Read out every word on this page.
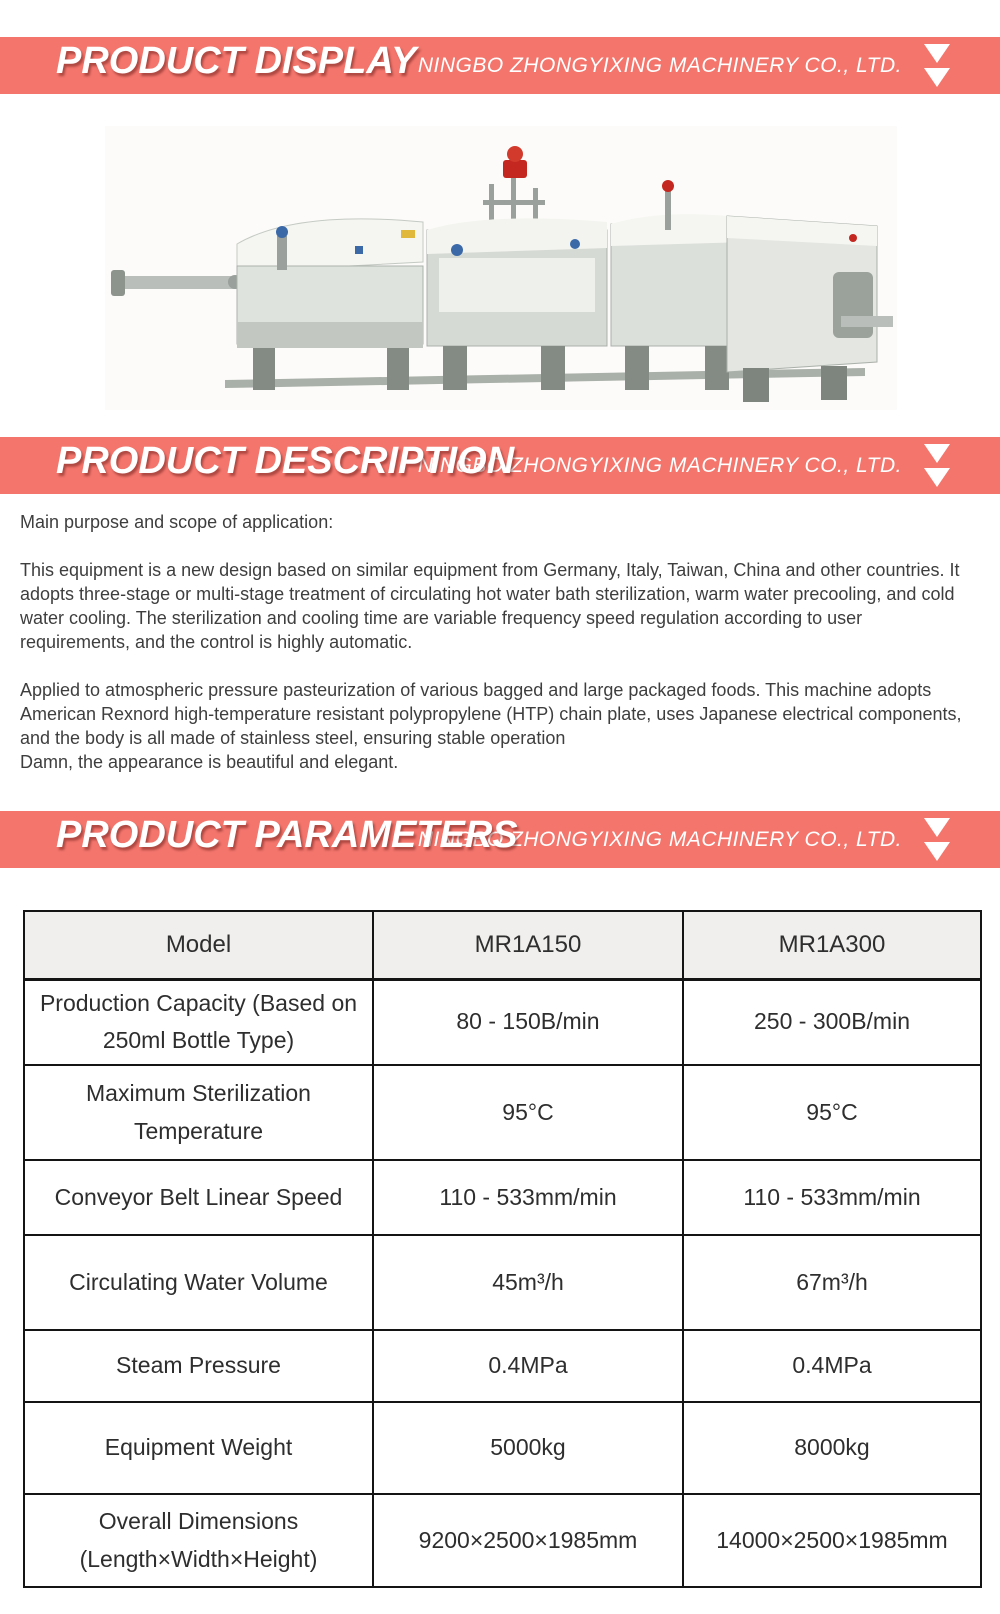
NINGBO ZHONGYIXING MACHINERY CO., LTD.
PRODUCT DISPLAY
NINGBO ZHONGYIXING MACHINERY CO., LTD.
PRODUCT DESCRIPTION

Main purpose and scope of application:

This equipment is a new design based on similar equipment from Germany, Italy, Taiwan, China and other countries. It adopts three-stage or multi-stage treatment of circulating hot water bath sterilization, warm water precooling, and cold water cooling. The sterilization and cooling time are variable frequency speed regulation according to user requirements, and the control is highly automatic.

Applied to atmospheric pressure pasteurization of various bagged and large packaged foods. This machine adopts American Rexnord high-temperature resistant polypropylene (HTP) chain plate, uses Japanese electrical components, and the body is all made of stainless steel, ensuring stable operation
Damn, the appearance is beautiful and elegant.

NINGBO ZHONGYIXING MACHINERY CO., LTD.
PRODUCT PARAMETERS
Model	MR1A150	MR1A300
Production Capacity (Based on 250ml Bottle Type)	80 - 150B/min	250 - 300B/min
Maximum Sterilization Temperature	95°C	95°C
Conveyor Belt Linear Speed	110 - 533mm/min	110 - 533mm/min
Circulating Water Volume	45m³/h	67m³/h
Steam Pressure	0.4MPa	0.4MPa
Equipment Weight	5000kg	8000kg
Overall Dimensions (Length×Width×Height)	9200×2500×1985mm	14000×2500×1985mm
